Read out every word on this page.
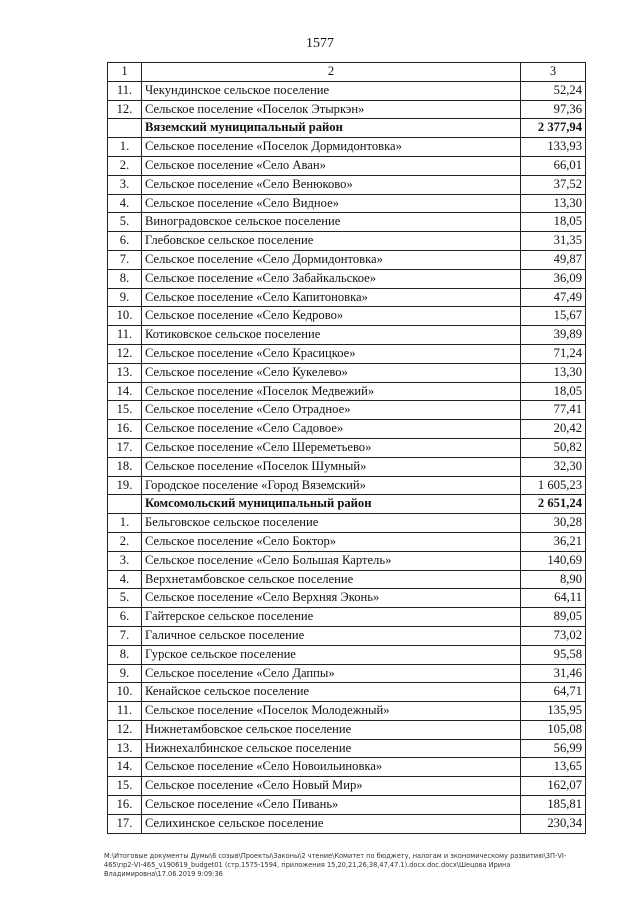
1577
1	2	3
11.	Чекундинское сельское поселение	52,24
12.	Сельское поселение «Поселок Этыркэн»	97,36
	Вяземский муниципальный район	2 377,94
1.	Сельское поселение «Поселок Дормидонтовка»	133,93
2.	Сельское поселение «Село Аван»	66,01
3.	Сельское поселение «Село Венюково»	37,52
4.	Сельское поселение «Село Видное»	13,30
5.	Виноградовское сельское поселение	18,05
6.	Глебовское сельское поселение	31,35
7.	Сельское поселение «Село Дормидонтовка»	49,87
8.	Сельское поселение «Село Забайкальское»	36,09
9.	Сельское поселение «Село Капитоновка»	47,49
10.	Сельское поселение «Село Кедрово»	15,67
11.	Котиковское сельское поселение	39,89
12.	Сельское поселение «Село Красицкое»	71,24
13.	Сельское поселение «Село Кукелево»	13,30
14.	Сельское поселение «Поселок Медвежий»	18,05
15.	Сельское поселение «Село Отрадное»	77,41
16.	Сельское поселение «Село Садовое»	20,42
17.	Сельское поселение «Село Шереметьево»	50,82
18.	Сельское поселение «Поселок Шумный»	32,30
19.	Городское поселение «Город Вяземский»	1 605,23
	Комсомольский муниципальный район	2 651,24
1.	Бельговское сельское поселение	30,28
2.	Сельское поселение «Село Боктор»	36,21
3.	Сельское поселение «Село Большая Картель»	140,69
4.	Верхнетамбовское сельское поселение	8,90
5.	Сельское поселение «Село Верхняя Эконь»	64,11
6.	Гайтерское сельское поселение	89,05
7.	Галичное сельское поселение	73,02
8.	Гурское сельское поселение	95,58
9.	Сельское поселение «Село Даппы»	31,46
10.	Кенайское сельское поселение	64,71
11.	Сельское поселение «Поселок Молодежный»	135,95
12.	Нижнетамбовское сельское поселение	105,08
13.	Нижнехалбинское сельское поселение	56,99
14.	Сельское поселение «Село Новоильиновка»	13,65
15.	Сельское поселение «Село Новый Мир»	162,07
16.	Сельское поселение «Село Пивань»	185,81
17.	Селихинское сельское поселение	230,34
М:\Итоговые документы Думы\6 созыв\Проекты\Законы\2 чтение\Комитет по бюджету, налогам и экономическому развитию\3П-VI-465\пр2-VI-465_v190619_budget01 (стр.1575-1594, приложения 15,20,21,26,38,47,47.1).docx.doc.docx\Шецова Ирина Владимировна\17.06.2019 9:09:36
